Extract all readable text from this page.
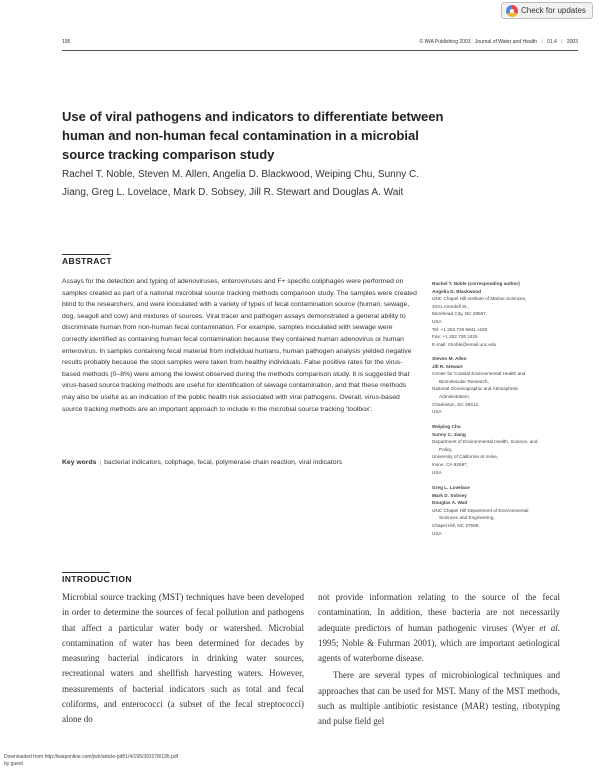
Check for updates
195	© IWA Publishing 2003 Journal of Water and Health | 01.4 | 2003
Use of viral pathogens and indicators to differentiate between human and non-human fecal contamination in a microbial source tracking comparison study
Rachel T. Noble, Steven M. Allen, Angelia D. Blackwood, Weiping Chu, Sunny C. Jiang, Greg L. Lovelace, Mark D. Sobsey, Jill R. Stewart and Douglas A. Wait
ABSTRACT
Assays for the detection and typing of adenoviruses, enteroviruses and F+ specific coliphages were performed on samples created as part of a national microbial source tracking methods comparison study. The samples were created blind to the researchers, and were inoculated with a variety of types of fecal contamination source (human, sewage, dog, seagull and cow) and mixtures of sources. Viral tracer and pathogen assays demonstrated a general ability to discriminate human from non-human fecal contamination. For example, samples inoculated with sewage were correctly identified as containing human fecal contamination because they contained human adenovirus or human enterovirus. In samples containing fecal material from individual humans, human pathogen analysis yielded negative results probably because the stool samples were taken from healthy individuals. False positive rates for the virus-based methods (0–8%) were among the lowest observed during the methods comparison study. It is suggested that virus-based source tracking methods are useful for identification of sewage contamination, and that these methods may also be useful as an indication of the public health risk associated with viral pathogens. Overall, virus-based source tracking methods are an important approach to include in the microbial source tracking 'toolbox'.
Key words | bacterial indicators, coliphage, fecal, polymerase chain reaction, viral indicators
Rachel T. Noble (corresponding author)
Angelia D. Blackwood
UNC Chapel Hill Institute of Marine Sciences,
3431 Arendell St.,
Morehead City, NC 28557,
USA
Tel: +1 252 726 6841 x150
Fax: +1 252 726 2426
E-mail: rtnoble@email.unc.edu
Steven M. Allen
Jill R. Stewart
Center for Coastal Environmental Health and
Biomolecular Research,
National Oceanographic and Atmospheric
Administration,
Charleston, SC 29412,
USA
Weiping Chu
Sunny C. Jiang
Department of Environmental Health, Science, and
Policy,
University of California at Irvine,
Irvine, CA 92697,
USA
Greg L. Lovelace
Mark D. Sobsey
Douglas A. Wait
UNC Chapel Hill Department of Environmental
Sciences and Engineering,
Chapel Hill, NC 27599,
USA
INTRODUCTION

Microbial source tracking (MST) techniques have been developed in order to determine the sources of fecal pollution and pathogens that affect a particular water body or watershed. Microbial contamination of water has been determined for decades by measuring bacterial indicators in drinking water sources, recreational waters and shellfish harvesting waters. However, measurements of bacterial indicators such as total and fecal coliforms, and enterococci (a subset of the fecal streptococci) alone do

not provide information relating to the source of the fecal contamination. In addition, these bacteria are not necessarily adequate predictors of human pathogenic viruses (Wyer et al. 1995; Noble & Fuhrman 2001), which are important aetiological agents of waterborne disease.

There are several types of microbiological techniques and approaches that can be used for MST. Many of the MST methods, such as multiple antibiotic resistance (MAR) testing, ribotyping and pulse field gel

Downloaded from http://iwaponline.com/jwh/article-pdf/1/4/195/393278/195.pdf
by guest
